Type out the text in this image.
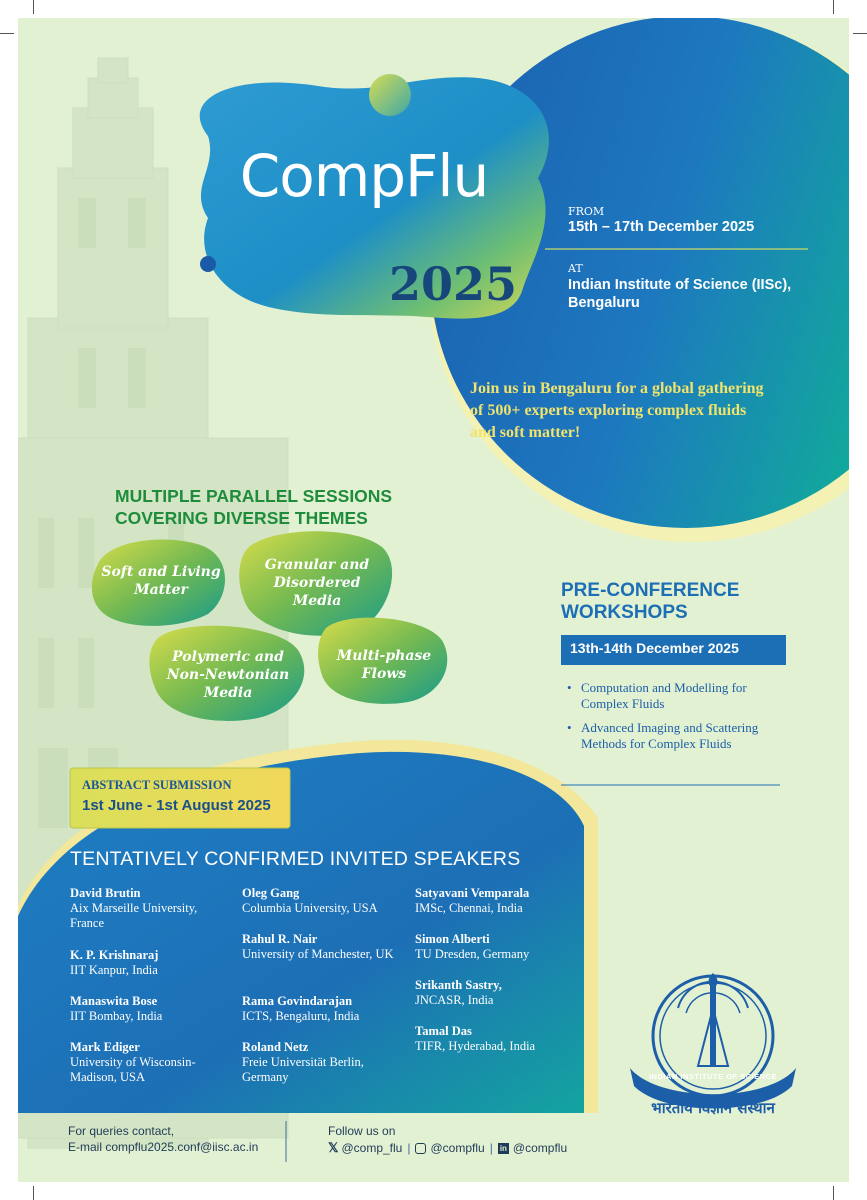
CompFlu
2025
FROM
15th – 17th December 2025
AT
Indian Institute of Science (IISc),
Bengaluru
Join us in Bengaluru for a global gathering
of 500+ experts exploring complex fluids
and soft matter!
MULTIPLE PARALLEL SESSIONS
COVERING DIVERSE THEMES
Soft and Living Matter
Granular and Disordered Media
Polymeric and Non-Newtonian Media
Multi-phase Flows
PRE-CONFERENCE
WORKSHOPS
13th-14th December 2025
• Computation and Modelling for Complex Fluids
• Advanced Imaging and Scattering Methods for Complex Fluids
ABSTRACT SUBMISSION
1st June - 1st August 2025
TENTATIVELY CONFIRMED INVITED SPEAKERS
David Brutin
Aix Marseille University, France
K. P. Krishnaraj
IIT Kanpur, India
Manaswita Bose
IIT Bombay, India
Mark Ediger
University of Wisconsin-Madison, USA
Oleg Gang
Columbia University, USA
Rahul R. Nair
University of Manchester, UK
Rama Govindarajan
ICTS, Bengaluru, India
Roland Netz
Freie Universität Berlin, Germany
Satyavani Vemparala
IMSc, Chennai, India
Simon Alberti
TU Dresden, Germany
Srikanth Sastry,
JNCASR, India
Tamal Das
TIFR, Hyderabad, India
INDIAN INSTITUTE OF SCIENCE
भारतीय विज्ञान संस्थान
For queries contact,
E-mail compflu2025.conf@iisc.ac.in
Follow us on
𝕏 @comp_flu | @compflu | in @compflu
